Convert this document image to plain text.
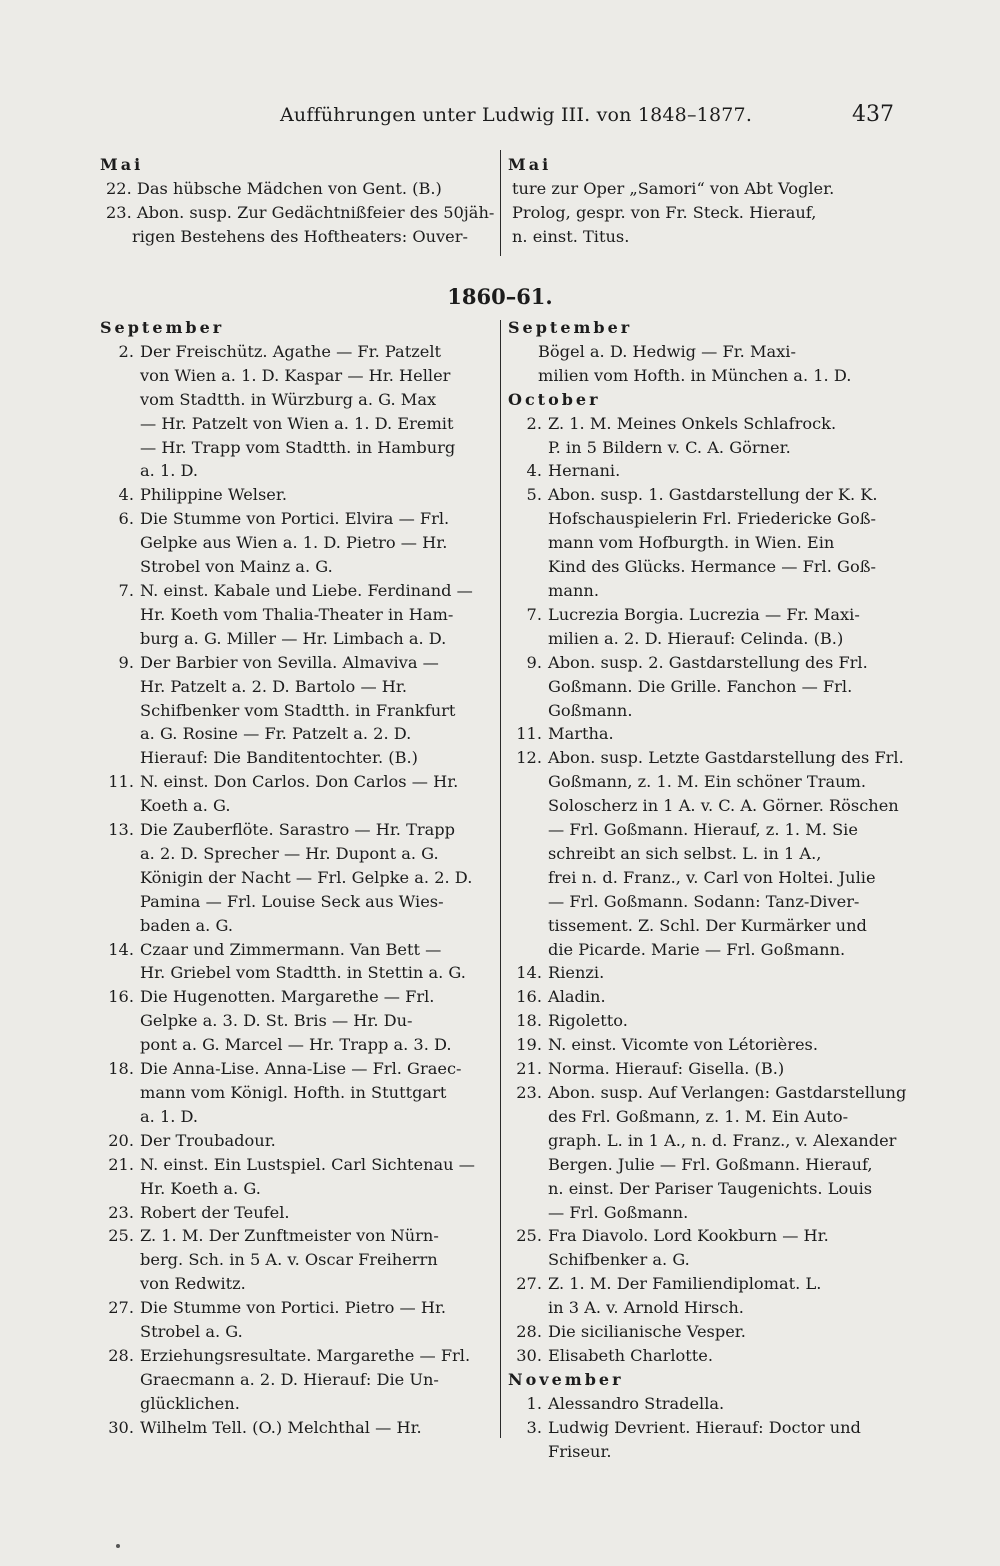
Aufführungen unter Ludwig III. von 1848–1877.	437
Mai
22. Das hübsche Mädchen von Gent. (B.)
23. Abon. susp. Zur Gedächtnißfeier des 50jäh-
rigen Bestehens des Hoftheaters: Ouver-
Mai
ture zur Oper „Samori“ von Abt Vogler.
Prolog, gespr. von Fr. Steck. Hierauf,
n. einst. Titus.
1860–61.
September
2. Der Freischütz. Agathe — Fr. Patzelt
von Wien a. 1. D. Kaspar — Hr. Heller
vom Stadtth. in Würzburg a. G. Max
— Hr. Patzelt von Wien a. 1. D. Eremit
— Hr. Trapp vom Stadtth. in Hamburg
a. 1. D.
4. Philippine Welser.
6. Die Stumme von Portici. Elvira — Frl.
Gelpke aus Wien a. 1. D. Pietro — Hr.
Strobel von Mainz a. G.
7. N. einst. Kabale und Liebe. Ferdinand —
Hr. Koeth vom Thalia-Theater in Ham-
burg a. G. Miller — Hr. Limbach a. D.
9. Der Barbier von Sevilla. Almaviva —
Hr. Patzelt a. 2. D. Bartolo — Hr.
Schifbenker vom Stadtth. in Frankfurt
a. G. Rosine — Fr. Patzelt a. 2. D.
Hierauf: Die Banditentochter. (B.)
11. N. einst. Don Carlos. Don Carlos — Hr.
Koeth a. G.
13. Die Zauberflöte. Sarastro — Hr. Trapp
a. 2. D. Sprecher — Hr. Dupont a. G.
Königin der Nacht — Frl. Gelpke a. 2. D.
Pamina — Frl. Louise Seck aus Wies-
baden a. G.
14. Czaar und Zimmermann. Van Bett —
Hr. Griebel vom Stadtth. in Stettin a. G.
16. Die Hugenotten. Margarethe — Frl.
Gelpke a. 3. D. St. Bris — Hr. Du-
pont a. G. Marcel — Hr. Trapp a. 3. D.
18. Die Anna-Lise. Anna-Lise — Frl. Graec-
mann vom Königl. Hofth. in Stuttgart
a. 1. D.
20. Der Troubadour.
21. N. einst. Ein Lustspiel. Carl Sichtenau —
Hr. Koeth a. G.
23. Robert der Teufel.
25. Z. 1. M. Der Zunftmeister von Nürn-
berg. Sch. in 5 A. v. Oscar Freiherrn
von Redwitz.
27. Die Stumme von Portici. Pietro — Hr.
Strobel a. G.
28. Erziehungsresultate. Margarethe — Frl.
Graecmann a. 2. D. Hierauf: Die Un-
glücklichen.
30. Wilhelm Tell. (O.) Melchthal — Hr.
September
Bögel a. D. Hedwig — Fr. Maxi-
milien vom Hofth. in München a. 1. D.
October
2. Z. 1. M. Meines Onkels Schlafrock.
P. in 5 Bildern v. C. A. Görner.
4. Hernani.
5. Abon. susp. 1. Gastdarstellung der K. K.
Hofschauspielerin Frl. Friedericke Goß-
mann vom Hofburgth. in Wien. Ein
Kind des Glücks. Hermance — Frl. Goß-
mann.
7. Lucrezia Borgia. Lucrezia — Fr. Maxi-
milien a. 2. D. Hierauf: Celinda. (B.)
9. Abon. susp. 2. Gastdarstellung des Frl.
Goßmann. Die Grille. Fanchon — Frl.
Goßmann.
11. Martha.
12. Abon. susp. Letzte Gastdarstellung des Frl.
Goßmann, z. 1. M. Ein schöner Traum.
Soloscherz in 1 A. v. C. A. Görner. Röschen
— Frl. Goßmann. Hierauf, z. 1. M. Sie
schreibt an sich selbst. L. in 1 A.,
frei n. d. Franz., v. Carl von Holtei. Julie
— Frl. Goßmann. Sodann: Tanz-Diver-
tissement. Z. Schl. Der Kurmärker und
die Picarde. Marie — Frl. Goßmann.
14. Rienzi.
16. Aladin.
18. Rigoletto.
19. N. einst. Vicomte von Létorières.
21. Norma. Hierauf: Gisella. (B.)
23. Abon. susp. Auf Verlangen: Gastdarstellung
des Frl. Goßmann, z. 1. M. Ein Auto-
graph. L. in 1 A., n. d. Franz., v. Alexander
Bergen. Julie — Frl. Goßmann. Hierauf,
n. einst. Der Pariser Taugenichts. Louis
— Frl. Goßmann.
25. Fra Diavolo. Lord Kookburn — Hr.
Schifbenker a. G.
27. Z. 1. M. Der Familiendiplomat. L.
in 3 A. v. Arnold Hirsch.
28. Die sicilianische Vesper.
30. Elisabeth Charlotte.
November
1. Alessandro Stradella.
3. Ludwig Devrient. Hierauf: Doctor und
Friseur.
